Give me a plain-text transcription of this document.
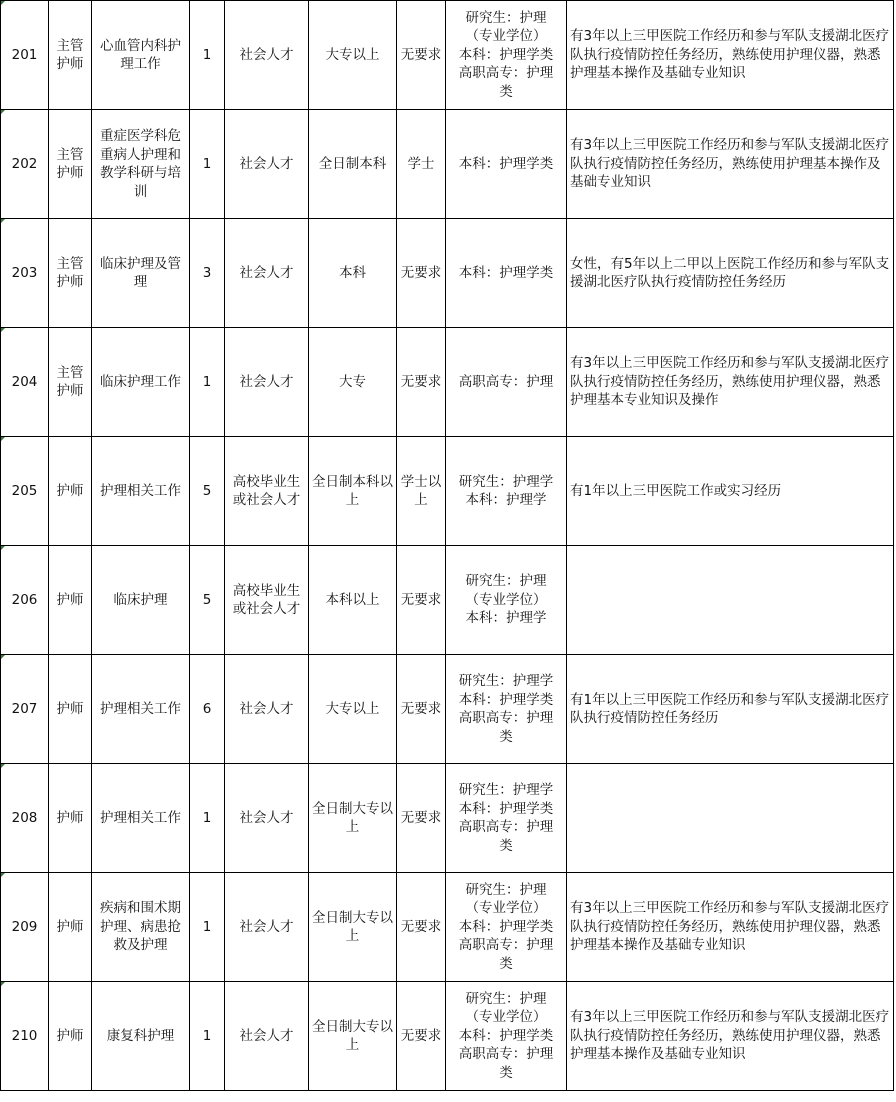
201	主管
护师	心血管内科护理工作	1	社会人才	大专以上	无要求	研究生：护理
（专业学位）
本科：护理学类
高职高专：护理
类	有3年以上三甲医院工作经历和参与军队支援湖北医疗队执行疫情防控任务经历，熟练使用护理仪器，熟悉护理基本操作及基础专业知识
202	主管
护师	重症医学科危重病人护理和教学科研与培训	1	社会人才	全日制本科	学士	本科：护理学类	有3年以上三甲医院工作经历和参与军队支援湖北医疗队执行疫情防控任务经历，熟练使用护理基本操作及基础专业知识
203	主管
护师	临床护理及管理	3	社会人才	本科	无要求	本科：护理学类	女性，有5年以上二甲以上医院工作经历和参与军队支援湖北医疗队执行疫情防控任务经历
204	主管
护师	临床护理工作	1	社会人才	大专	无要求	高职高专：护理	有3年以上三甲医院工作经历和参与军队支援湖北医疗队执行疫情防控任务经历，熟练使用护理仪器，熟悉护理基本专业知识及操作
205	护师	护理相关工作	5	高校毕业生或社会人才	全日制本科以上	学士以上	研究生：护理学
本科：护理学	有1年以上三甲医院工作或实习经历
206	护师	临床护理	5	高校毕业生或社会人才	本科以上	无要求	研究生：护理
（专业学位）
本科：护理学	

207	护师	护理相关工作	6	社会人才	大专以上	无要求	研究生：护理学
本科：护理学类
高职高专：护理
类	有1年以上三甲医院工作经历和参与军队支援湖北医疗队执行疫情防控任务经历
208	护师	护理相关工作	1	社会人才	全日制大专以上	无要求	研究生：护理学
本科：护理学类
高职高专：护理
类	

209	护师	疾病和围术期护理、病患抢救及护理	1	社会人才	全日制大专以上	无要求	研究生：护理
（专业学位）
本科：护理学类
高职高专：护理
类	有3年以上三甲医院工作经历和参与军队支援湖北医疗队执行疫情防控任务经历，熟练使用护理仪器，熟悉护理基本操作及基础专业知识
210	护师	康复科护理	1	社会人才	全日制大专以上	无要求	研究生：护理
（专业学位）
本科：护理学类
高职高专：护理
类	有3年以上三甲医院工作经历和参与军队支援湖北医疗队执行疫情防控任务经历，熟练使用护理仪器，熟悉护理基本操作及基础专业知识
